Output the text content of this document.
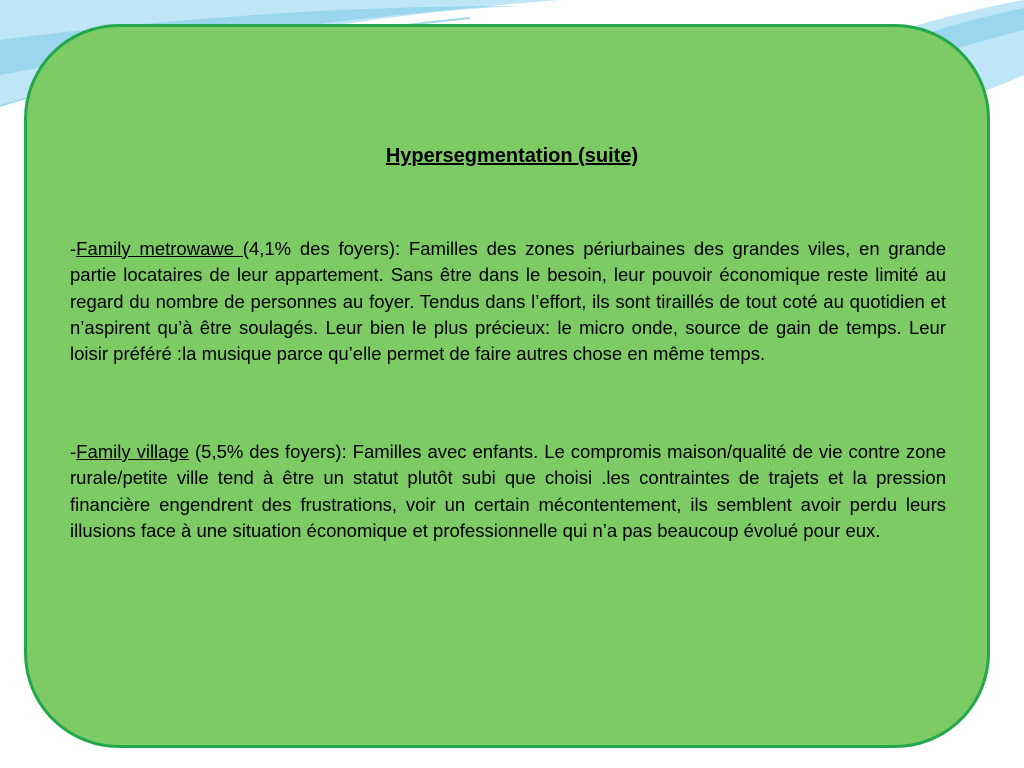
Hypersegmentation (suite)

-Family metrowawe (4,1% des foyers): Familles des zones périurbaines des grandes viles, en grande partie locataires de leur appartement. Sans être dans le besoin, leur pouvoir économique reste limité au regard du nombre de personnes au foyer. Tendus dans l’effort, ils sont tiraillés de tout coté au quotidien et n’aspirent qu’à être soulagés. Leur bien le plus précieux: le micro onde, source de gain de temps. Leur loisir préféré :la musique parce qu’elle permet de faire autres chose en même temps.

-Family village (5,5% des foyers): Familles avec enfants. Le compromis maison/qualité de vie contre zone rurale/petite ville tend à être un statut plutôt subi que choisi .les contraintes de trajets et la pression financière engendrent des frustrations, voir un certain mécontentement, ils semblent avoir perdu leurs illusions face à une situation économique et professionnelle qui n’a pas beaucoup évolué pour eux.
